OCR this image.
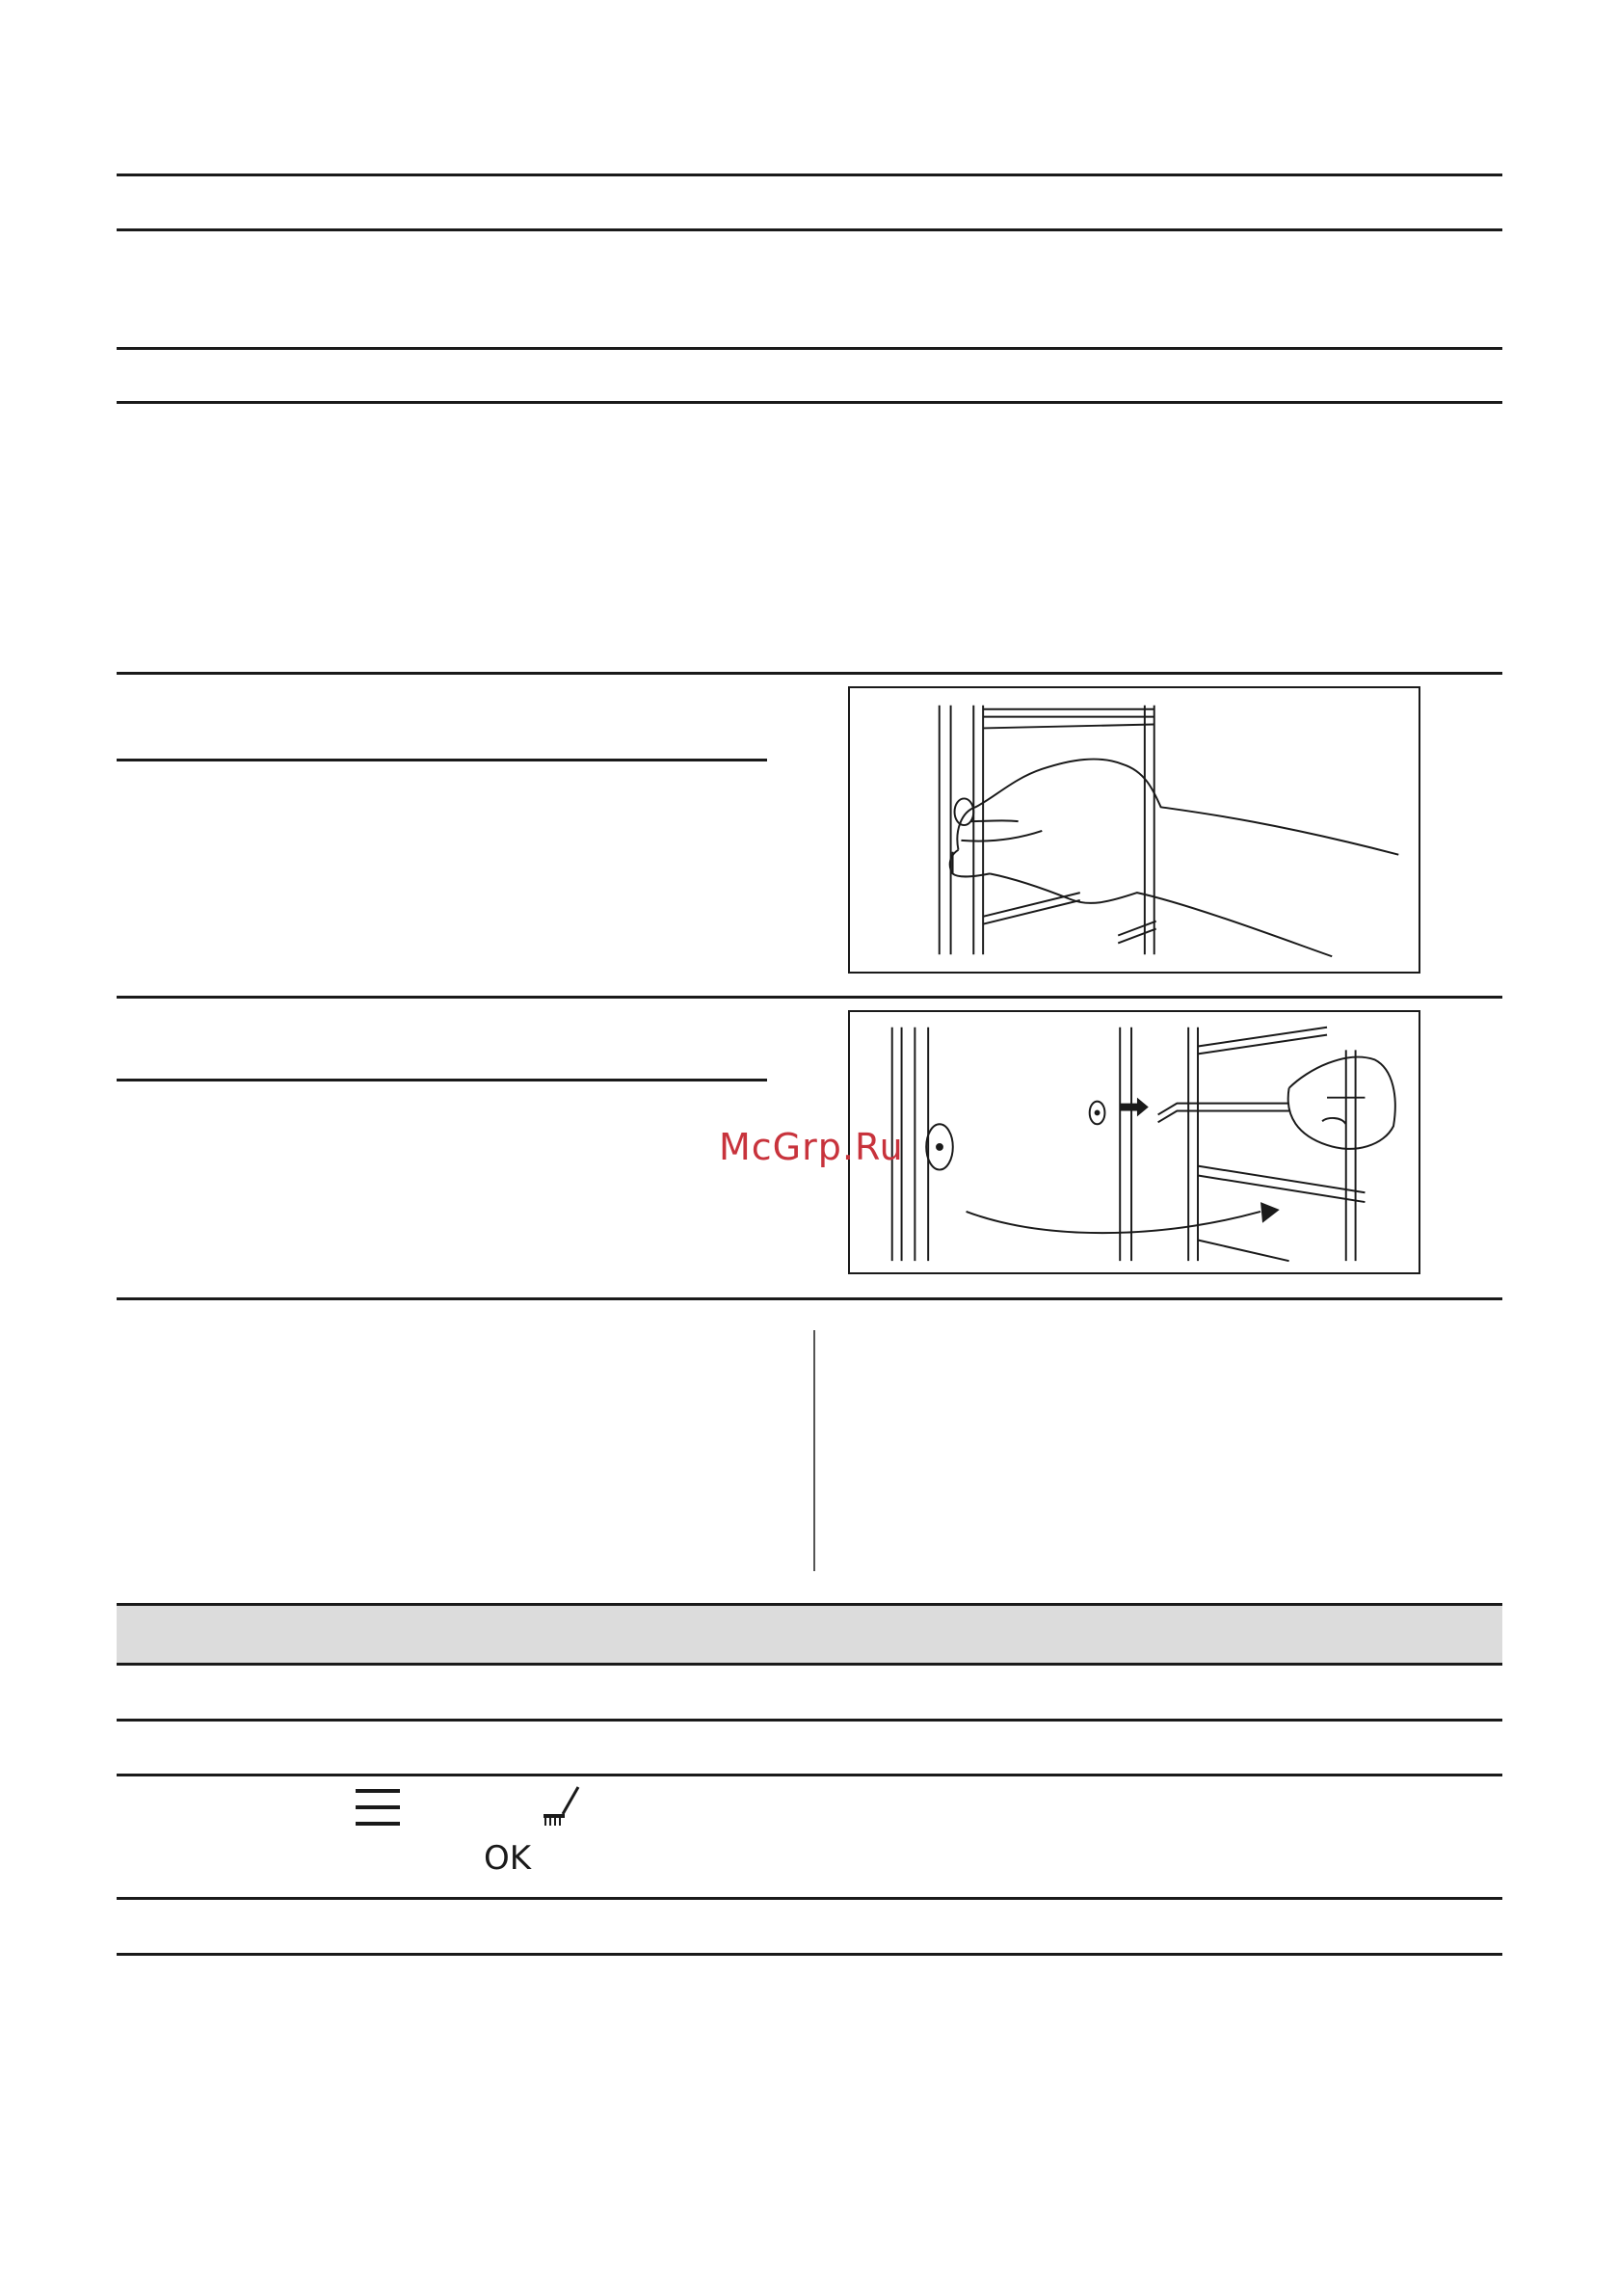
McGrp.Ru
OK
